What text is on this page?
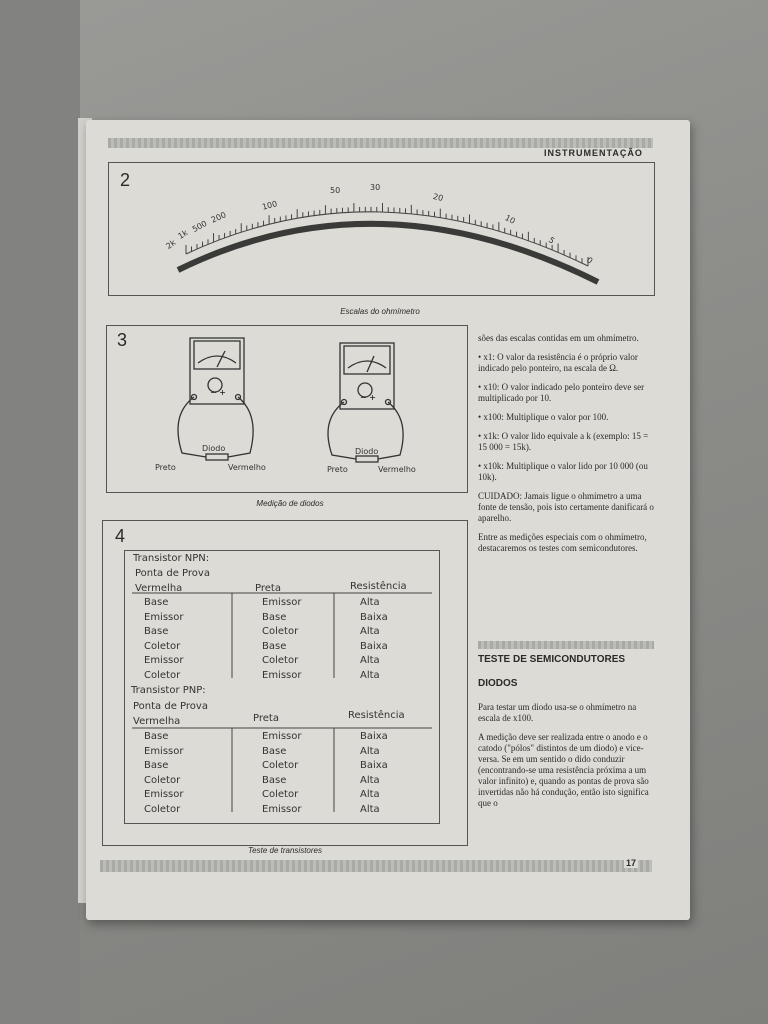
INSTRUMENTAÇÃO
2
2k
1k
500
200
100
50	30
20
10
5
0
Escalas do ohmímetro
3
− +
− +
Diodo
Preto	Vermelho
Diodo
Preto	Vermelho
Medição de diodos
4
Transistor NPN:
Ponta de Prova
Vermelha	Preta	Resistência
Base	Emissor	Alta
Emissor	Base	Baixa
Base	Coletor	Alta
Coletor	Base	Baixa
Emissor	Coletor	Alta
Coletor	Emissor	Alta
Transistor PNP:
Ponta de Prova
Vermelha	Preta	Resistência
Base	Emissor	Baixa
Emissor	Base	Alta
Base	Coletor	Baixa
Coletor	Base	Alta
Emissor	Coletor	Alta
Coletor	Emissor	Alta
Teste de transistores

sões das escalas contidas em um ohmímetro.

• x1: O valor da resistência é o próprio valor indicado pelo ponteiro, na escala de Ω.

• x10: O valor indicado pelo ponteiro deve ser multiplicado por 10.

• x100: Multiplique o valor por 100.

• x1k: O valor lido equivale a k (exemplo: 15 = 15 000 = 15k).

• x10k: Multiplique o valor lido por 10 000 (ou 10k).

CUIDADO: Jamais ligue o ohmímetro a uma fonte de tensão, pois isto certamente danificará o aparelho.

Entre as medições especiais com o ohmímetro, destacaremos os testes com semicondutores.

TESTE DE SEMICONDUTORES
DIODOS

Para testar um diodo usa-se o ohmímetro na escala de x100.

A medição deve ser realizada entre o anodo e o catodo ("pólos" distintos de um diodo) e vice-versa. Se em um sentido o dido conduzir (encontrando-se uma resistência próxima a um valor infinito) e, quando as pontas de prova são invertidas não há condução, então isto significa que o

17
